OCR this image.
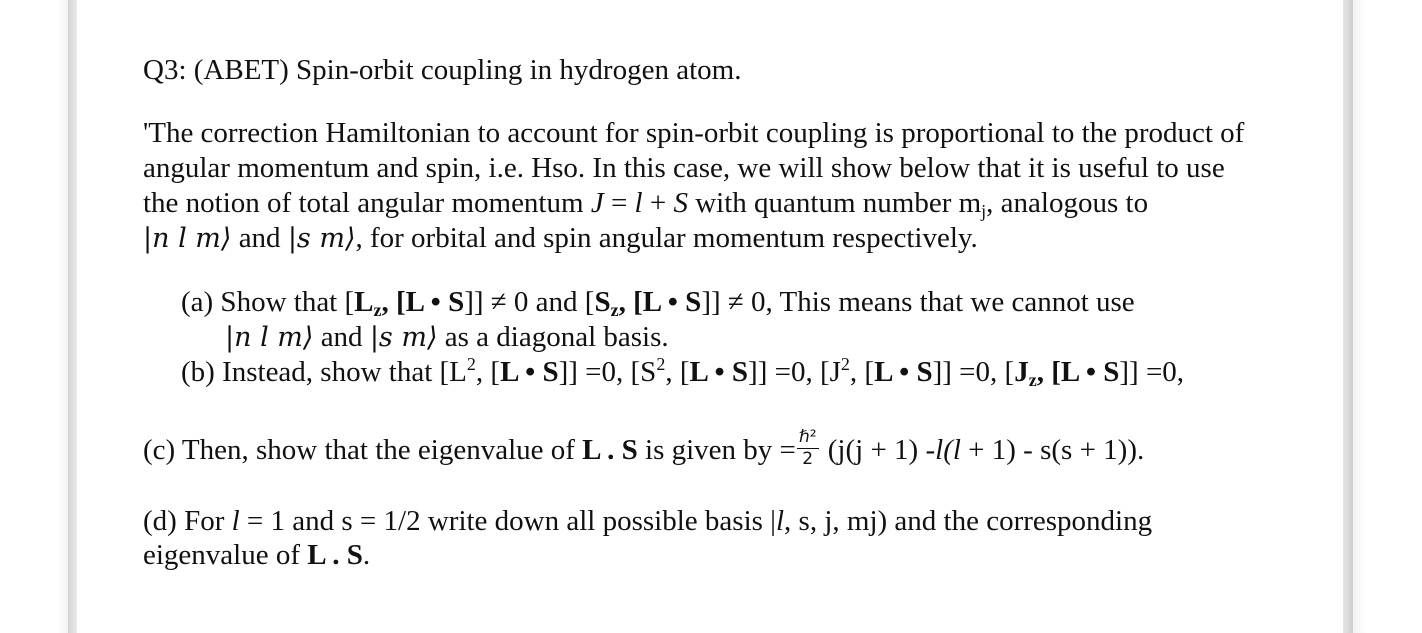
Q3: (ABET) Spin-orbit coupling in hydrogen atom.
'The correction Hamiltonian to account for spin-orbit coupling is proportional to the product of
angular momentum and spin, i.e. Hso. In this case, we will show below that it is useful to use
the notion of total angular momentum J = l + S with quantum number $m_j$, analogous to
|n l m⟩ and |s m⟩, for orbital and spin angular momentum respectively.
(a) Show that [$L_z$, [L • S]] ≠ 0 and [$S_z$, [L • S]] ≠ 0, This means that we cannot use
|n l m⟩ and |s m⟩ as a diagonal basis.
(b) Instead, show that [$L^2$, [L • S]] =0, [$S^2$, [L • S]] =0, [$J^2$, [L • S]] =0, [$J_z$, [L • S]] =0,
(c) Then, show that the eigenvalue of L . S is given by = $\frac{\text{ℏ²}}{2} (j(j + 1) -l(l + 1) - s(s + 1))$.
(d) For l = 1 and s = 1/2 write down all possible basis |l, s, j, mj) and the corresponding
eigenvalue of L . S.
